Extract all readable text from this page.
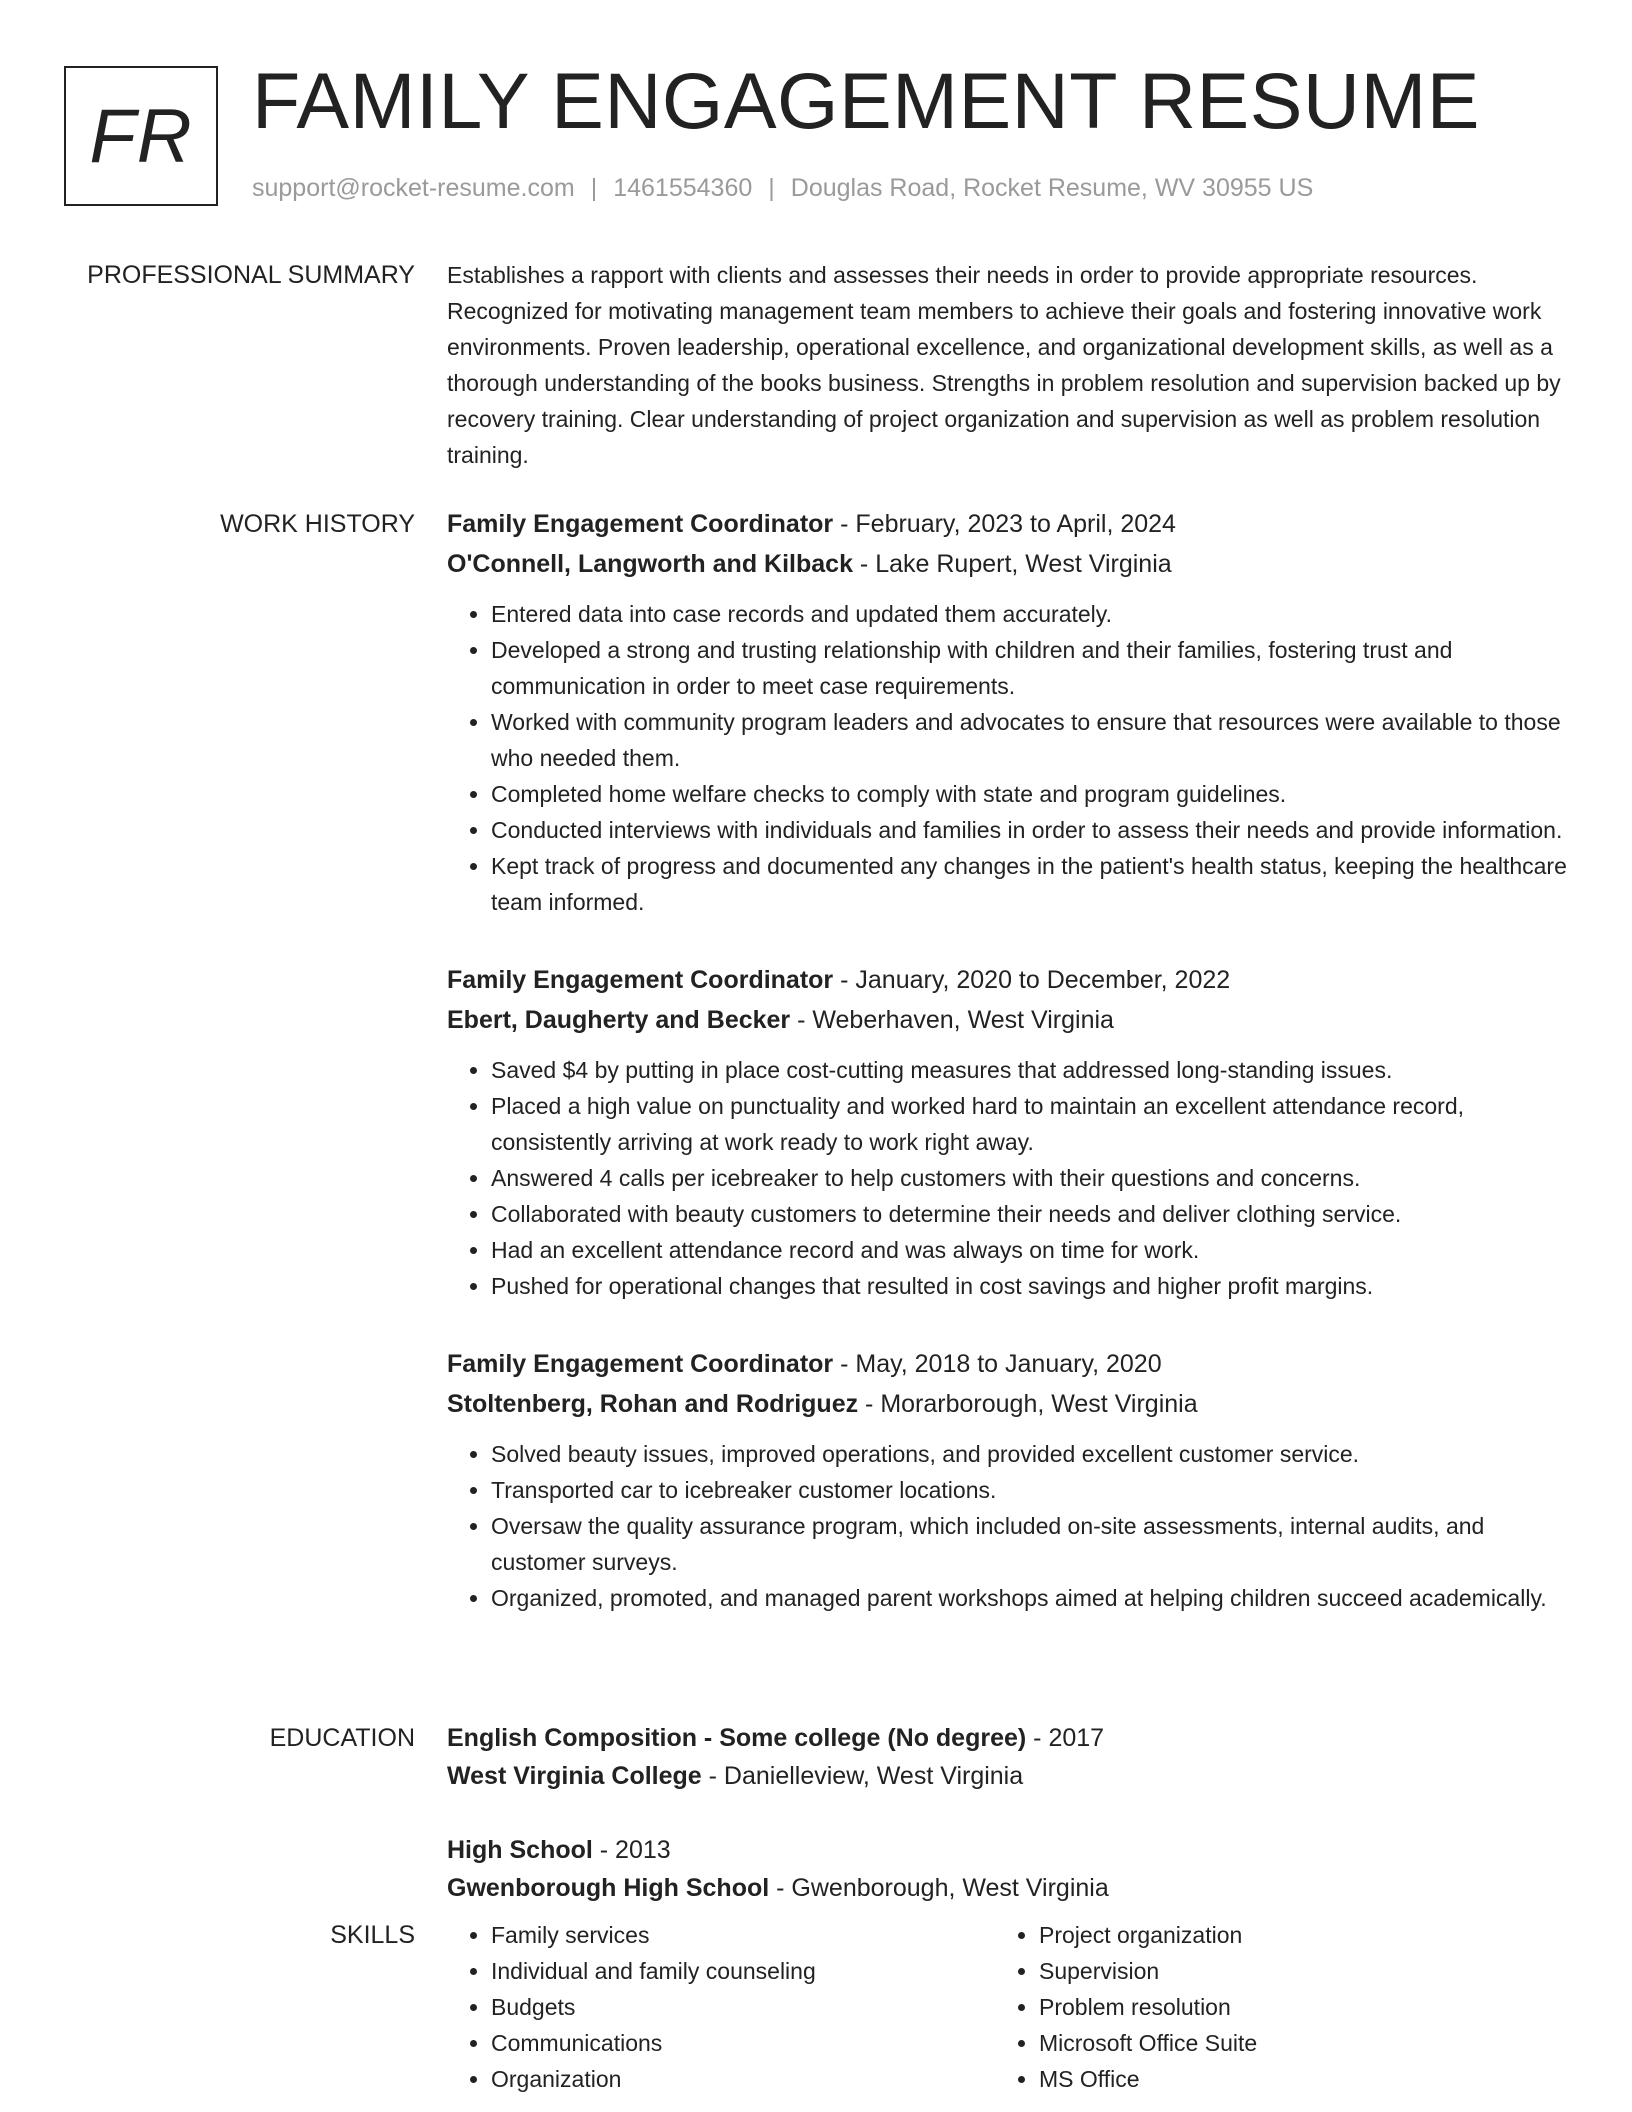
FR FAMILY ENGAGEMENT RESUME
support@rocket-resume.com | 1461554360 | Douglas Road, Rocket Resume, WV 30955 US
PROFESSIONAL SUMMARY Establishes a rapport with clients and assesses their needs in order to provide appropriate resources. Recognized for motivating management team members to achieve their goals and fostering innovative work environments. Proven leadership, operational excellence, and organizational development skills, as well as a thorough understanding of the books business. Strengths in problem resolution and supervision backed up by recovery training. Clear understanding of project organization and supervision as well as problem resolution training.
WORK HISTORY Family Engagement Coordinator - February, 2023 to April, 2024
O'Connell, Langworth and Kilback - Lake Rupert, West Virginia
• Entered data into case records and updated them accurately.
• Developed a strong and trusting relationship with children and their families, fostering trust and communication in order to meet case requirements.
• Worked with community program leaders and advocates to ensure that resources were available to those who needed them.
• Completed home welfare checks to comply with state and program guidelines.
• Conducted interviews with individuals and families in order to assess their needs and provide information.
• Kept track of progress and documented any changes in the patient's health status, keeping the healthcare team informed.
Family Engagement Coordinator - January, 2020 to December, 2022
Ebert, Daugherty and Becker - Weberhaven, West Virginia
• Saved $4 by putting in place cost-cutting measures that addressed long-standing issues.
• Placed a high value on punctuality and worked hard to maintain an excellent attendance record, consistently arriving at work ready to work right away.
• Answered 4 calls per icebreaker to help customers with their questions and concerns.
• Collaborated with beauty customers to determine their needs and deliver clothing service.
• Had an excellent attendance record and was always on time for work.
• Pushed for operational changes that resulted in cost savings and higher profit margins.
Family Engagement Coordinator - May, 2018 to January, 2020
Stoltenberg, Rohan and Rodriguez - Morarborough, West Virginia
• Solved beauty issues, improved operations, and provided excellent customer service.
• Transported car to icebreaker customer locations.
• Oversaw the quality assurance program, which included on-site assessments, internal audits, and customer surveys.
• Organized, promoted, and managed parent workshops aimed at helping children succeed academically.
EDUCATION English Composition - Some college (No degree) - 2017
West Virginia College - Danielleview, West Virginia
High School - 2013
Gwenborough High School - Gwenborough, West Virginia
SKILLS
•	Family services
• Individual and family counseling
• Budgets
• Communications
• Organization
• Project organization
• Supervision
• Problem resolution
• Microsoft Office Suite
• MS Office
